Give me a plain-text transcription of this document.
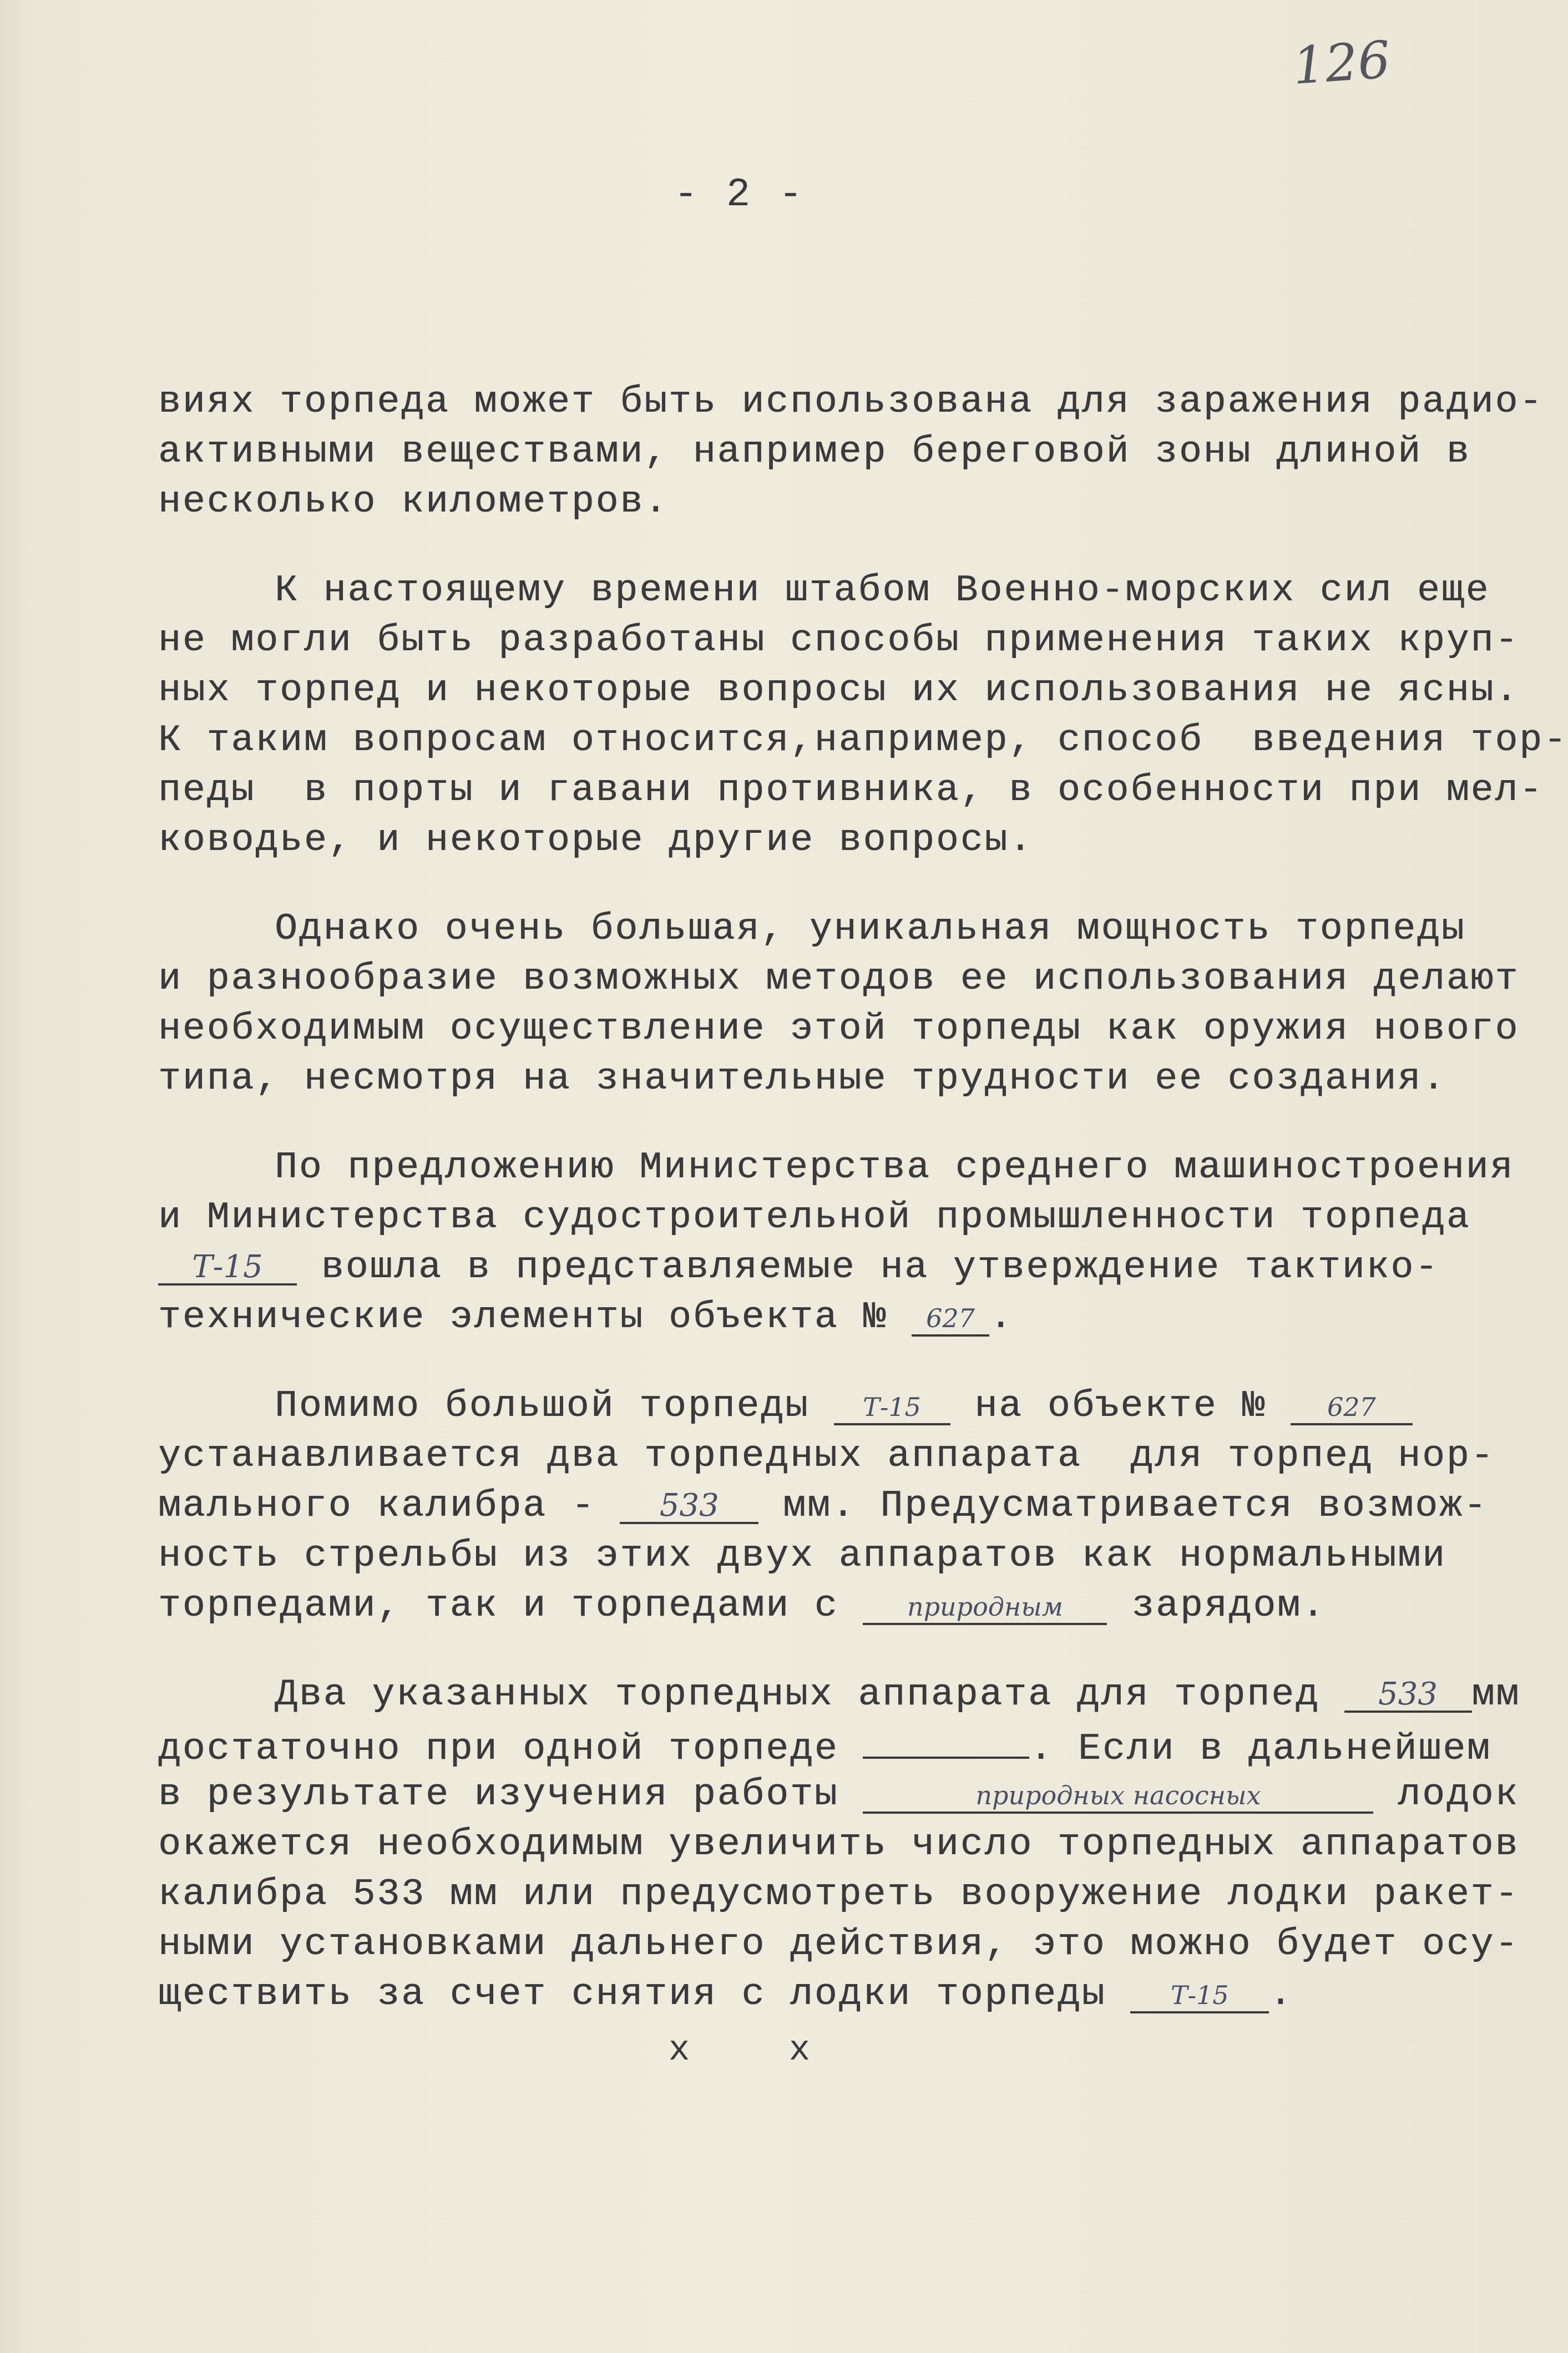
126
- 2 -
виях торпеда может быть использована для заражения радио-
активными веществами, например береговой зоны длиной в
несколько километров.
К настоящему времени штабом Военно-морских сил еще
не могли быть разработаны способы применения таких круп-
ных торпед и некоторые вопросы их использования не ясны.
К таким вопросам относится,например, способ  введения тор-
педы  в порты и гавани противника, в особенности при мел-
ководье, и некоторые другие вопросы.
Однако очень большая, уникальная мощность торпеды
и разнообразие возможных методов ее использования делают
необходимым осуществление этой торпеды как оружия нового
типа, несмотря на значительные трудности ее создания.
По предложению Министерства среднего машиностроения
и Министерства судостроительной промышленности торпеда
Т-15 вошла в представляемые на утверждение тактико-
технические элементы объекта № 627 .
Помимо большой торпеды Т-15 на объекте № 627
устанавливается два торпедных аппарата  для торпед нор-
мального калибра - 533 мм. Предусматривается возмож-
ность стрельбы из этих двух аппаратов как нормальными
торпедами, так и торпедами с природным зарядом.
Два указанных торпедных аппарата для торпед 533 мм
достаточно при одной торпеде	. Если в дальнейшем
в результате изучения работы	природных насосных	лодок
окажется необходимым увеличить число торпедных аппаратов
калибра 533 мм или предусмотреть вооружение лодки ракет-
ными установками дальнего действия, это можно будет осу-
ществить за счет снятия с лодки торпеды Т-15 .
x x
